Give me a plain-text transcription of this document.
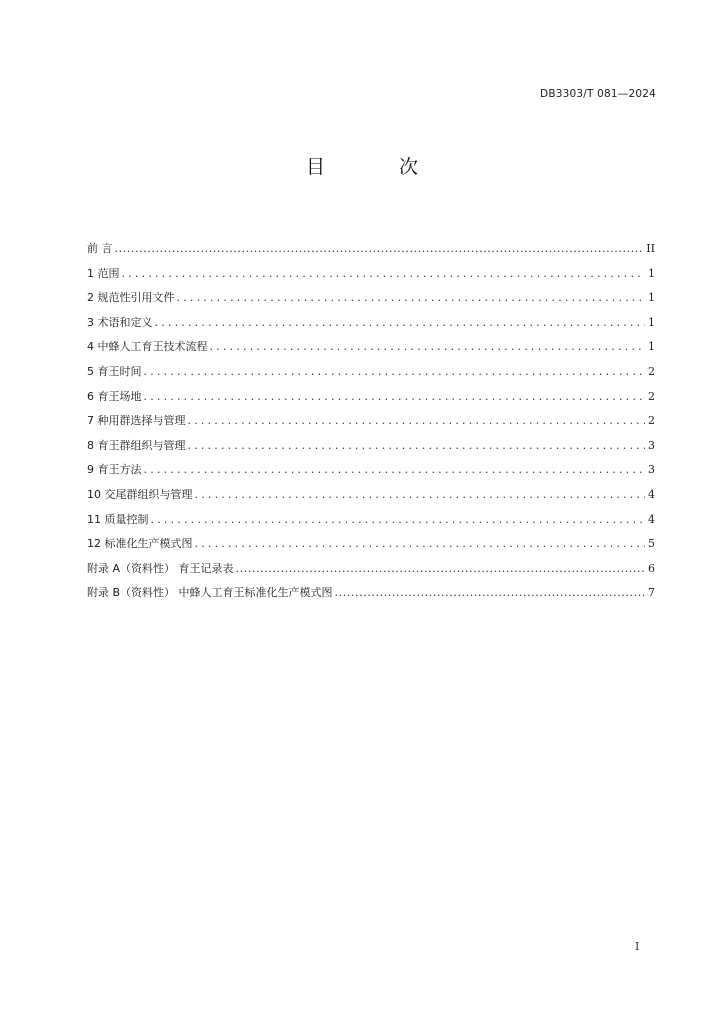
DB3303/T 081—2024
目 次
前 言 .....	II
1 范围 .....	1
2 规范性引用文件 .....	1
3 术语和定义 .....	1
4 中蜂人工育王技术流程 .....	1
5 育王时间 .....	2
6 育王场地 .....	2
7 种用群选择与管理 .....	2
8 育王群组织与管理 .....	3
9 育王方法 .....	3
10 交尾群组织与管理 .....	4
11 质量控制 .....	4
12 标准化生产模式图 .....	5
附录 A（资料性） 育王记录表 .....	6
附录 B（资料性） 中蜂人工育王标准化生产模式图 .....	7
I
